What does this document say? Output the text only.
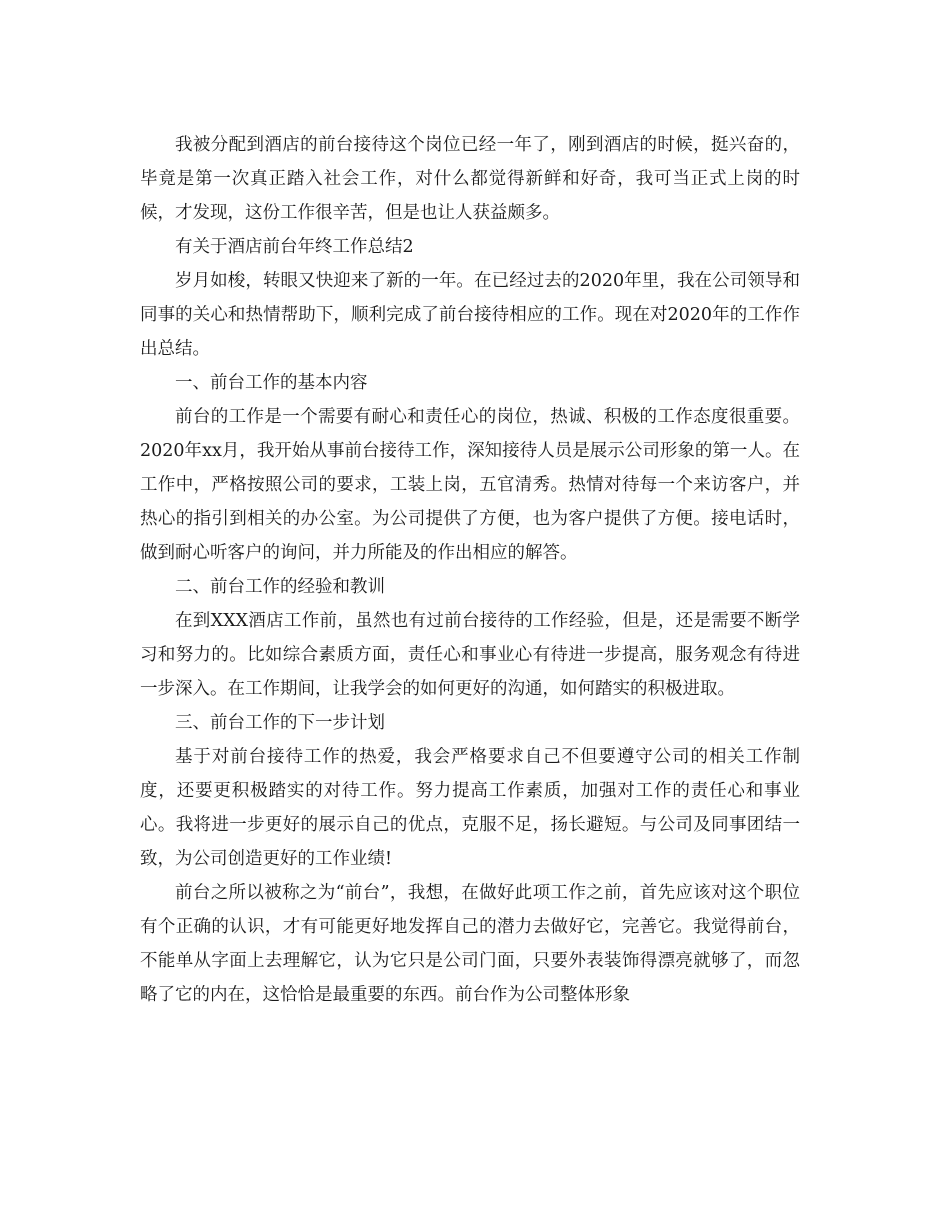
我被分配到酒店的前台接待这个岗位已经一年了，刚到酒店的时候，挺兴奋的，毕竟是第一次真正踏入社会工作，对什么都觉得新鲜和好奇，我可当正式上岗的时候，才发现，这份工作很辛苦，但是也让人获益颇多。

有关于酒店前台年终工作总结2

岁月如梭，转眼又快迎来了新的一年。在已经过去的2020年里，我在公司领导和同事的关心和热情帮助下，顺利完成了前台接待相应的工作。现在对2020年的工作作出总结。

一、前台工作的基本内容

前台的工作是一个需要有耐心和责任心的岗位，热诚、积极的工作态度很重要。2020年xx月，我开始从事前台接待工作，深知接待人员是展示公司形象的第一人。在工作中，严格按照公司的要求，工装上岗，五官清秀。热情对待每一个来访客户，并热心的指引到相关的办公室。为公司提供了方便，也为客户提供了方便。接电话时，做到耐心听客户的询问，并力所能及的作出相应的解答。

二、前台工作的经验和教训

在到XXX酒店工作前，虽然也有过前台接待的工作经验，但是，还是需要不断学习和努力的。比如综合素质方面，责任心和事业心有待进一步提高，服务观念有待进一步深入。在工作期间，让我学会的如何更好的沟通，如何踏实的积极进取。

三、前台工作的下一步计划

基于对前台接待工作的热爱，我会严格要求自己不但要遵守公司的相关工作制度，还要更积极踏实的对待工作。努力提高工作素质，加强对工作的责任心和事业心。我将进一步更好的展示自己的优点，克服不足，扬长避短。与公司及同事团结一致，为公司创造更好的工作业绩!

前台之所以被称之为“前台”，我想，在做好此项工作之前，首先应该对这个职位有个正确的认识，才有可能更好地发挥自己的潜力去做好它，完善它。我觉得前台，不能单从字面上去理解它，认为它只是公司门面，只要外表装饰得漂亮就够了，而忽略了它的内在，这恰恰是最重要的东西。前台作为公司整体形象
